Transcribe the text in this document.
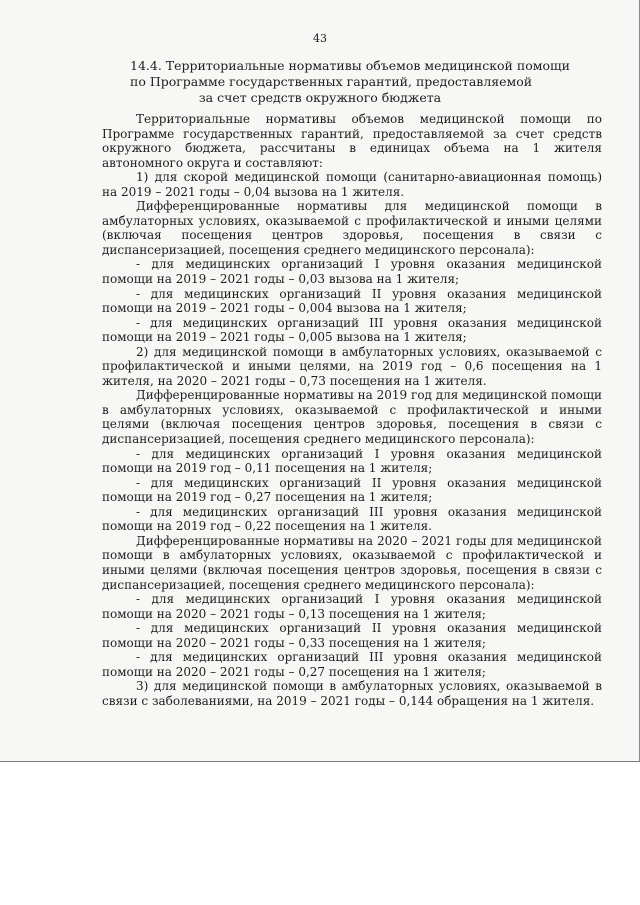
43
14.4. Территориальные нормативы объемов медицинской помощи
по Программе государственных гарантий, предоставляемой
за счет средств окружного бюджета

Территориальные нормативы объемов медицинской помощи по Программе государственных гарантий, предоставляемой за счет средств окружного бюджета, рассчитаны в единицах объема на 1 жителя автономного округа и составляют:

1) для скорой медицинской помощи (санитарно-авиационная помощь) на 2019 – 2021 годы – 0,04 вызова на 1 жителя.

Дифференцированные нормативы для медицинской помощи в амбулаторных условиях, оказываемой с профилактической и иными целями (включая посещения центров здоровья, посещения в связи с диспансеризацией, посещения среднего медицинского персонала):

- для медицинских организаций I уровня оказания медицинской помощи на 2019 – 2021 годы – 0,03 вызова на 1 жителя;

- для медицинских организаций II уровня оказания медицинской помощи на 2019 – 2021 годы – 0,004 вызова на 1 жителя;

- для медицинских организаций III уровня оказания медицинской помощи на 2019 – 2021 годы – 0,005 вызова на 1 жителя;

2) для медицинской помощи в амбулаторных условиях, оказываемой с профилактической и иными целями, на 2019 год – 0,6 посещения на 1 жителя, на 2020 – 2021 годы – 0,73 посещения на 1 жителя.

Дифференцированные нормативы на 2019 год для медицинской помощи в амбулаторных условиях, оказываемой с профилактической и иными целями (включая посещения центров здоровья, посещения в связи с диспансеризацией, посещения среднего медицинского персонала):

- для медицинских организаций I уровня оказания медицинской помощи на 2019 год – 0,11 посещения на 1 жителя;

- для медицинских организаций II уровня оказания медицинской помощи на 2019 год – 0,27 посещения на 1 жителя;

- для медицинских организаций III уровня оказания медицинской помощи на 2019 год – 0,22 посещения на 1 жителя.

Дифференцированные нормативы на 2020 – 2021 годы для медицинской помощи в амбулаторных условиях, оказываемой с профилактической и иными целями (включая посещения центров здоровья, посещения в связи с диспансеризацией, посещения среднего медицинского персонала):

- для медицинских организаций I уровня оказания медицинской помощи на 2020 – 2021 годы – 0,13 посещения на 1 жителя;

- для медицинских организаций II уровня оказания медицинской помощи на 2020 – 2021 годы – 0,33 посещения на 1 жителя;

- для медицинских организаций III уровня оказания медицинской помощи на 2020 – 2021 годы – 0,27 посещения на 1 жителя;

3) для медицинской помощи в амбулаторных условиях, оказываемой в связи с заболеваниями, на 2019 – 2021 годы – 0,144 обращения на 1 жителя.
